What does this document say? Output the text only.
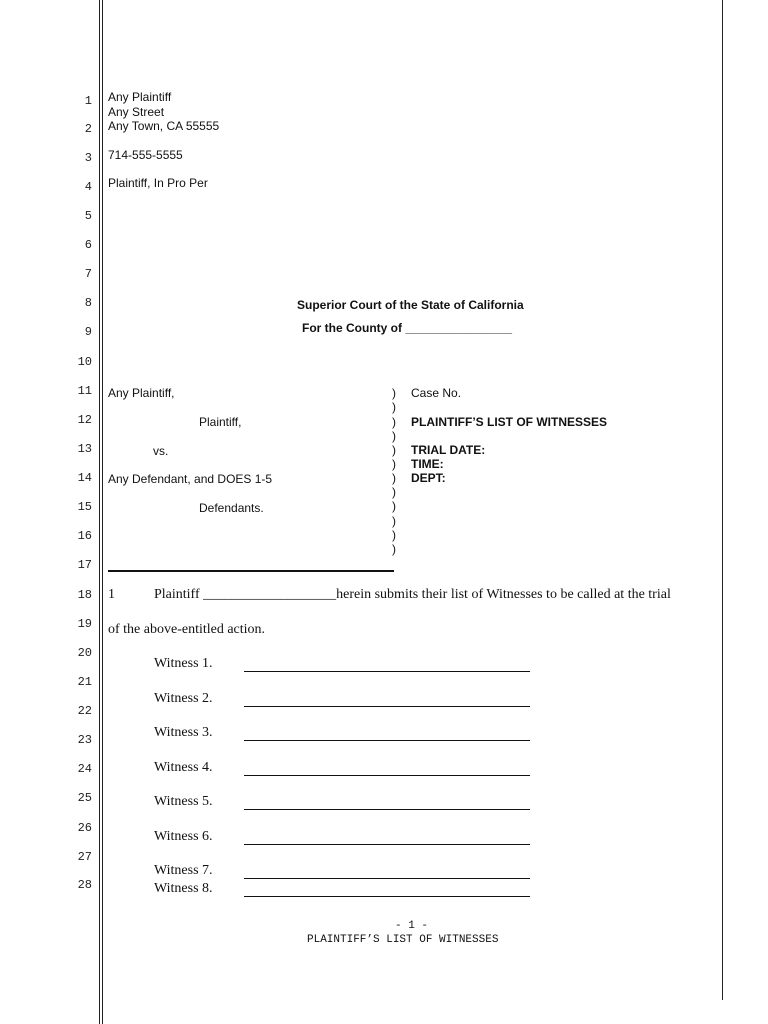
1
2
3
4
5
6
7
8
9
10
11
12
13
14
15
16
17
18
19
20
21
22
23
24
25
26
27
28
Any Plaintiff
Any Street
Any Town, CA 55555
714-555-5555
Plaintiff, In Pro Per
Superior Court of the State of California
For the County of ________________
Any Plaintiff,
Plaintiff,
vs.
Any Defendant, and DOES 1-5
Defendants.
)
)
)
)
)
)
)
)
)
)
)
)
Case No.
PLAINTIFF’S LIST OF WITNESSES
TRIAL DATE:
TIME:
DEPT:
1	Plaintiff ___________________herein submits their list of Witnesses to be called at the trial
of the above-entitled action.
Witness 1.
Witness 2.
Witness 3.
Witness 4.
Witness 5.
Witness 6.
Witness 7.
Witness 8.
- 1 -
PLAINTIFF’S LIST OF WITNESSES
